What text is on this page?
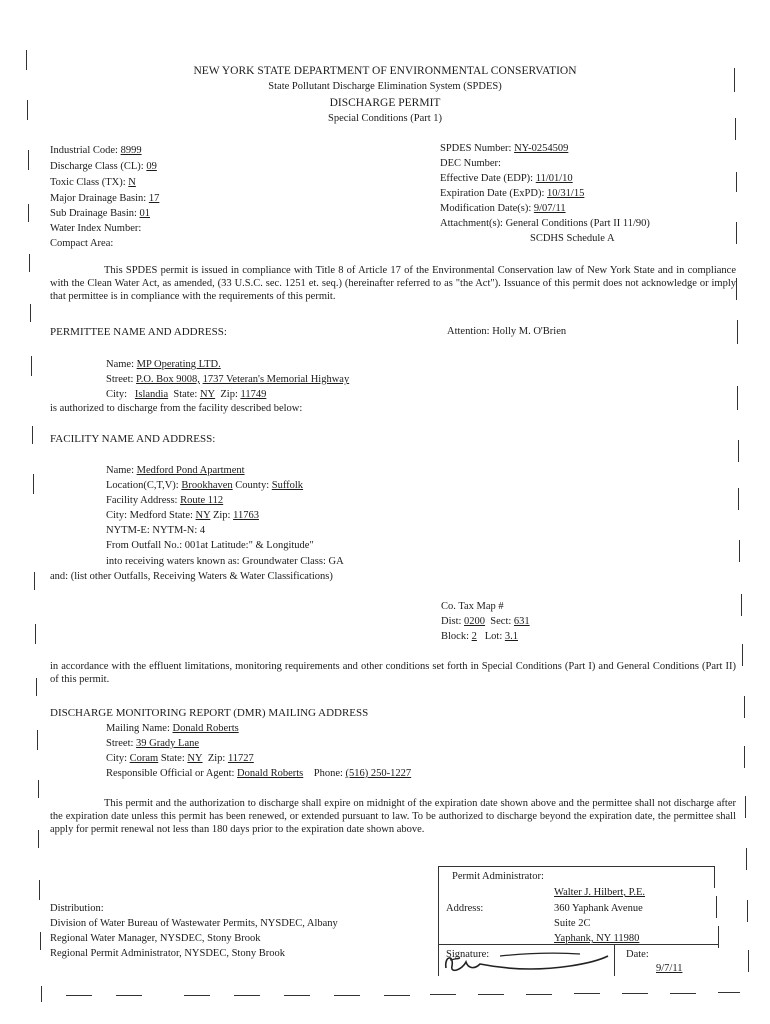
NEW YORK STATE DEPARTMENT OF ENVIRONMENTAL CONSERVATION
State Pollutant Discharge Elimination System (SPDES)
DISCHARGE PERMIT
Special Conditions (Part 1)
Industrial Code: 8999
Discharge Class (CL): 09
Toxic Class (TX): N
Major Drainage Basin: 17
Sub Drainage Basin: 01
Water Index Number:
Compact Area:
SPDES Number: NY-0254509
DEC Number:
Effective Date (EDP): 11/01/10
Expiration Date (ExPD): 10/31/15
Modification Date(s): 9/07/11
Attachment(s): General Conditions (Part II 11/90)
SCDHS Schedule A
This SPDES permit is issued in compliance with Title 8 of Article 17 of the Environmental Conservation law of New York State and in compliance with the Clean Water Act, as amended, (33 U.S.C. sec. 1251 et. seq.) (hereinafter referred to as "the Act"). Issuance of this permit does not acknowledge or imply that permittee is in compliance with the requirements of this permit.
PERMITTEE NAME AND ADDRESS:	Attention: Holly M. O'Brien
Name: MP Operating LTD.
Street: P.O. Box 9008, 1737 Veteran's Memorial Highway
City: Islandia State: NY Zip: 11749
is authorized to discharge from the facility described below:
FACILITY NAME AND ADDRESS:
Name: Medford Pond Apartment
Location(C,T,V): Brookhaven County: Suffolk
Facility Address: Route 112
City: Medford State: NY Zip: 11763
NYTM-E: NYTM-N: 4
From Outfall No.: 001at Latitude:" & Longitude"
into receiving waters known as: Groundwater Class: GA
and: (list other Outfalls, Receiving Waters & Water Classifications)
Co. Tax Map #
Dist: 0200 Sect: 631
Block: 2 Lot: 3.1
in accordance with the effluent limitations, monitoring requirements and other conditions set forth in Special Conditions (Part I) and General Conditions (Part II) of this permit.
DISCHARGE MONITORING REPORT (DMR) MAILING ADDRESS
Mailing Name: Donald Roberts
Street: 39 Grady Lane
City: Coram State: NY Zip: 11727
Responsible Official or Agent: Donald Roberts Phone: (516) 250-1227
This permit and the authorization to discharge shall expire on midnight of the expiration date shown above and the permittee shall not discharge after the expiration date unless this permit has been renewed, or extended pursuant to law. To be authorized to discharge beyond the expiration date, the permittee shall apply for permit renewal not less than 180 days prior to the expiration date shown above.
Distribution:
Division of Water Bureau of Wastewater Permits, NYSDEC, Albany
Regional Water Manager, NYSDEC, Stony Brook
Regional Permit Administrator, NYSDEC, Stony Brook
Permit Administrator:
Walter J. Hilbert, P.E.
Address:	360 Yaphank Avenue
Suite 2C
Yaphank, NY 11980
Signature:	Date:
9/7/11
